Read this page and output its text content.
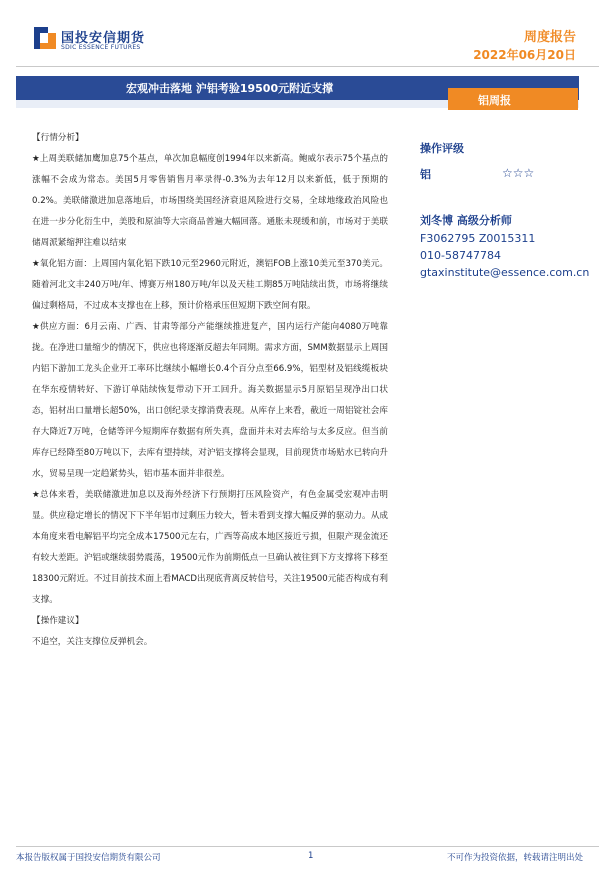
国投安信期货
SDIC ESSENCE FUTURES
周度报告
2022年06月20日
宏观冲击落地 沪铝考验19500元附近支撑
铝周报

【行情分析】

★上周美联储加鹰加息75个基点，单次加息幅度创1994年以来新高。鲍威尔表示75个基点的涨幅不会成为常态。美国5月零售销售月率录得-0.3%为去年12月以来新低，低于预期的0.2%。美联储激进加息落地后，市场围绕美国经济衰退风险进行交易，全球地缘政治风险也在进一步分化衍生中，美股和原油等大宗商品普遍大幅回落。通胀未现缓和前，市场对于美联储周派紧缩押注难以结束

★氧化铝方面：上周国内氧化铝下跌10元至2960元附近，澳铝FOB上涨10美元至370美元。随着河北文丰240万吨/年、博赛万州180万吨/年以及天桂工期85万吨陆续出货，市场将继续偏过剩格局，不过成本支撑也在上移，预计价格承压但短期下跌空间有限。

★供应方面：6月云南、广西、甘肃等部分产能继续推进复产，国内运行产能向4080万吨靠拢。在净进口量缩少的情况下，供应也将逐渐反超去年同期。需求方面，SMM数据显示上周国内铝下游加工龙头企业开工率环比继续小幅增长0.4个百分点至66.9%，铝型材及铝线缆板块在华东疫情转好、下游订单陆续恢复带动下开工回升。海关数据显示5月原铝呈现净出口状态，铝材出口量增长超50%，出口创纪录支撑消费表现。从库存上来看，截近一周铝锭社会库存大降近7万吨，仓储等评今短期库存数据有所失真，盘面并未对去库给与太多反应。但当前库存已经降至80万吨以下，去库有望持续，对沪铝支撑将会显现，目前现货市场贴水已转向升水，贸易呈现一定趋紧势头，铝市基本面并非很差。

★总体来看，美联储激进加息以及海外经济下行预期打压风险资产，有色金属受宏观冲击明显。供应稳定增长的情况下下半年铝市过剩压力较大，暂未看到支撑大幅反弹的驱动力。从成本角度来看电解铝平均完全成本17500元左右，广西等高成本地区接近亏损，但限产现金流还有较大差距。沪铝或继续弱势震荡，19500元作为前期低点一旦确认被往到下方支撑将下移至18300元附近。不过目前技术面上看MACD出现底背离反转信号，关注19500元能否构成有利支撑。

【操作建议】

不追空，关注支撑位反弹机会。

操作评级
铝	☆☆☆
刘冬博 高级分析师
F3062795 Z0015311
010-58747784
gtaxinstitute@essence.com.cn
本报告版权属于国投安信期货有限公司	1	不可作为投资依据，转载请注明出处
